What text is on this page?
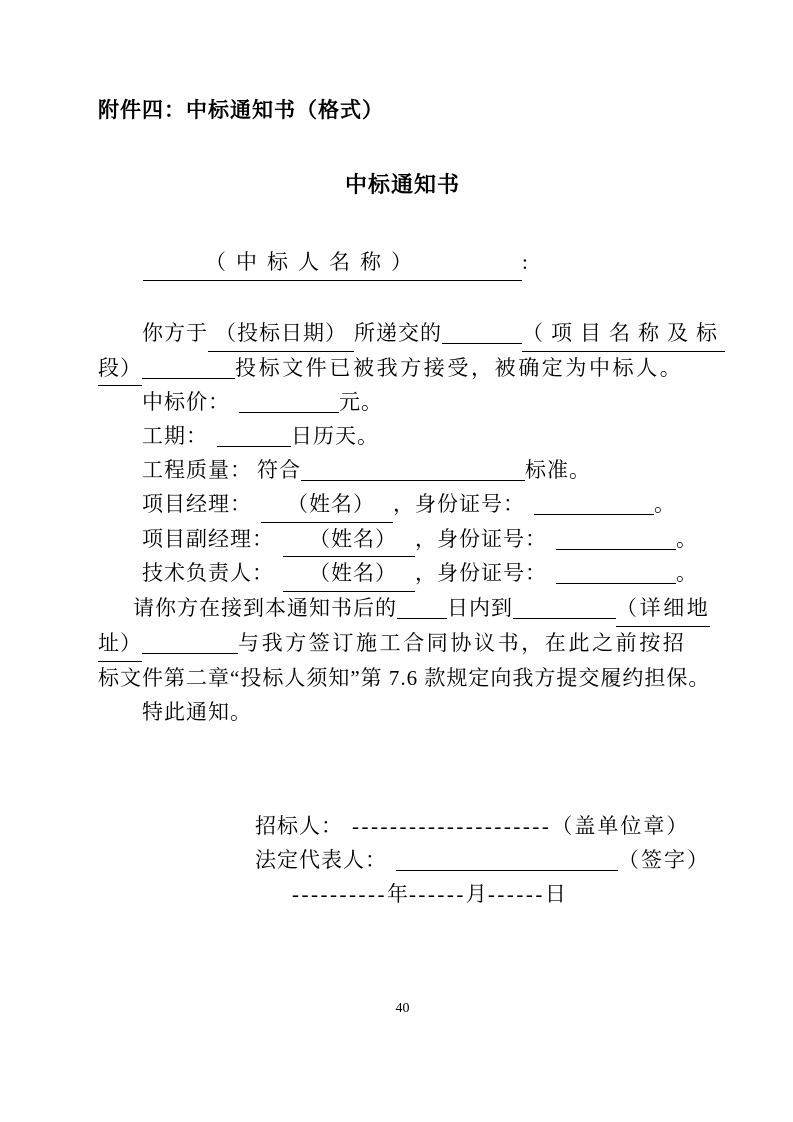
附件四：中标通知书（格式）
中标通知书
（中标人名称）	:
你方于 （投标日期） 所递交的	（项目名称及标
段）	投标文件已被我方接受，被确定为中标人。
中标价：	元。
工期：	日历天。
工程质量： 符合	标准。
项目经理： （姓名） ，身份证号：	。
项目副经理： （姓名） ，身份证号：	。
技术负责人： （姓名） ，身份证号：	。
请你方在接到本通知书后的 日内到	（详细地
址）	与我方签订施工合同协议书，在此之前按招
标文件第二章“投标人须知”第 7.6 款规定向我方提交履约担保。
特此通知。
招标人： ---------------------（盖单位章）
法定代表人：	（签字）
----------年------月------日
40
